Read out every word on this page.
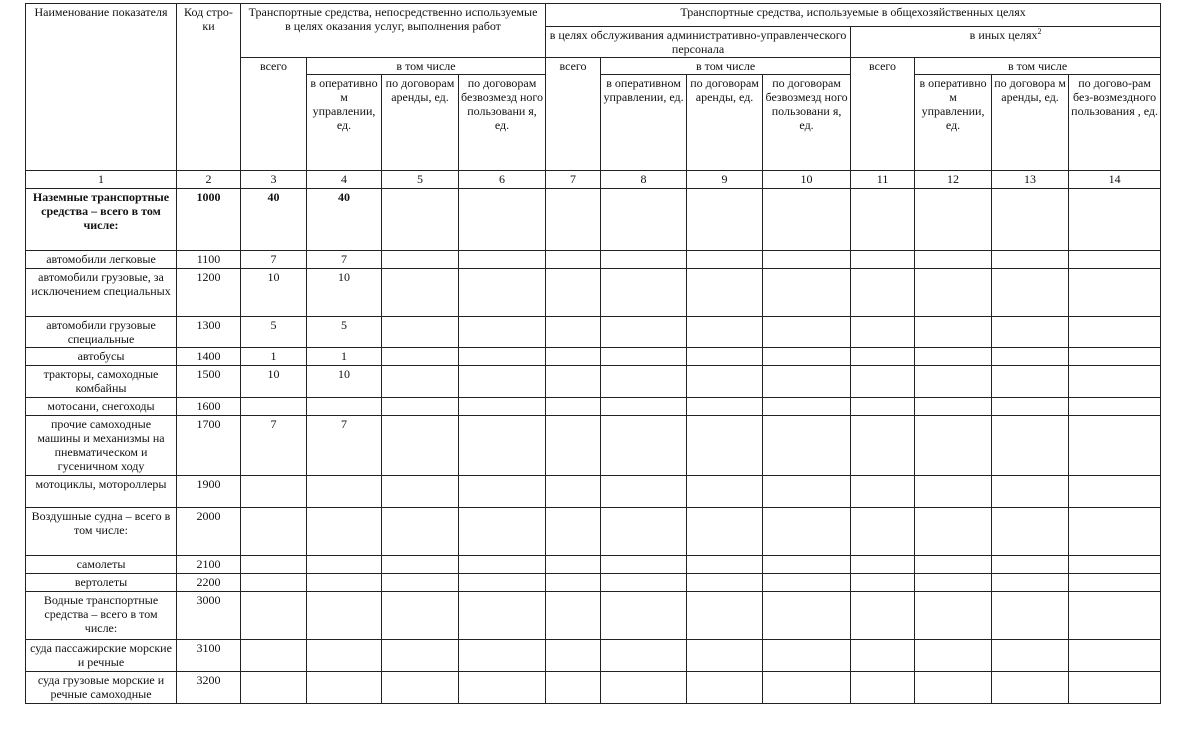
Наименование показателя	Код стро-ки	Транспортные средства, непосредственно используемые
в целях оказания услуг, выполнения работ				Транспортные средства, используемые в общехозяйственных целях							
						в целях обслуживания административно-управленческого персонала				в иных целях$^2$
		всего	в том числе			всего	в том числе			всего	в том числе		
			в оперативно м управлении, ед.	по договорам аренды, ед.	по договорам безвозмезд ного пользовани я, ед.		в оперативном управлении, ед.	по договорам аренды, ед.	по договорам безвозмезд ного пользовани я, ед.		в оперативно м управлении, ед.	по договора м аренды, ед.	по догово-рам без-возмездного пользования , ед.
1	2	3	4	5	6	7	8	9	10	11	12	13	14
Наземные транспортные средства – всего в том числе:	1000	40	40										
автомобили легковые	1100	7	7										
автомобили грузовые, за исключением специальных	1200	10	10										
автомобили грузовые специальные	1300	5	5										
автобусы	1400	1	1										
тракторы, самоходные комбайны	1500	10	10										
мотосани, снегоходы	1600												
прочие самоходные машины и механизмы на пневматическом и гусеничном ходу	1700	7	7										
мотоциклы, мотороллеры	1900												
Воздушные судна – всего в том числе:	2000												
самолеты	2100												
вертолеты	2200												
Водные транспортные средства – всего в том числе:	3000												
суда пассажирские морские и речные	3100												
суда грузовые морские и речные самоходные	3200												
